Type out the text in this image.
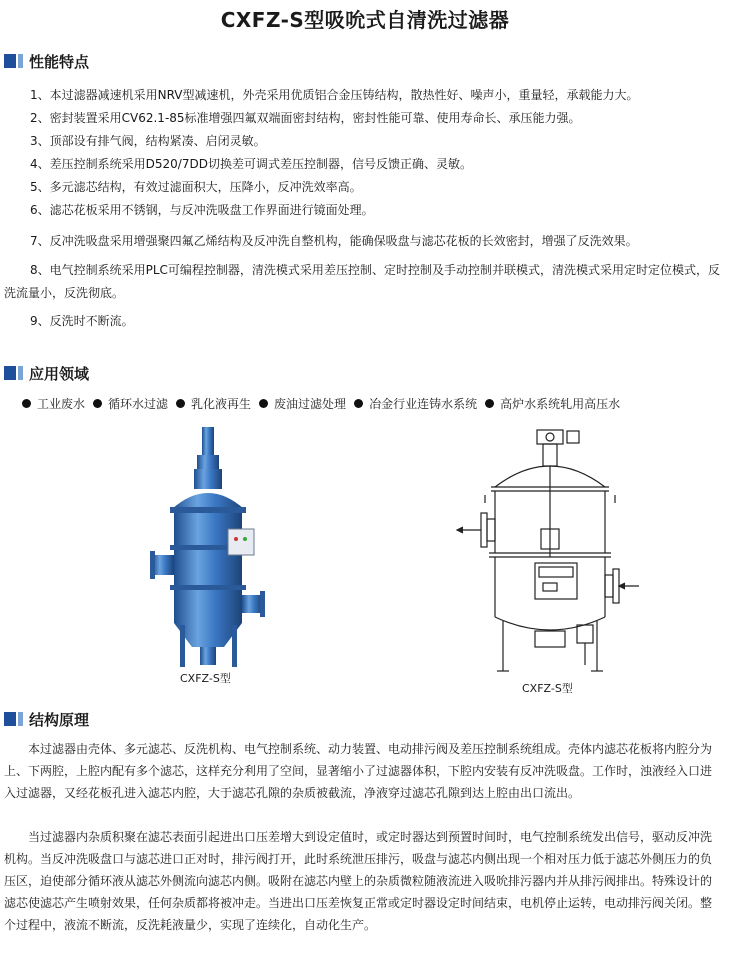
CXFZ-S型吸吮式自清洗过滤器
性能特点
1、本过滤器减速机采用NRV型减速机，外壳采用优质铝合金压铸结构，散热性好、噪声小，重量轻，承载能力大。
2、密封装置采用CV62.1-85标准增强四氟双端面密封结构，密封性能可靠、使用寿命长、承压能力强。
3、顶部设有排气阀，结构紧凑、启闭灵敏。
4、差压控制系统采用D520/7DD切换差可调式差压控制器，信号反馈正确、灵敏。
5、多元滤芯结构，有效过滤面积大，压降小，反冲洗效率高。
6、滤芯花板采用不锈钢，与反冲洗吸盘工作界面进行镜面处理。
7、反冲洗吸盘采用增强聚四氟乙烯结构及反冲洗自整机构，能确保吸盘与滤芯花板的长效密封，增强了反洗效果。
8、电气控制系统采用PLC可编程控制器，清洗模式采用差压控制、定时控制及手动控制并联模式，清洗模式采用定时定位模式，反洗流量小，反洗彻底。
9、反洗时不断流。
应用领域
工业废水 循环水过滤 乳化液再生 废油过滤处理 冶金行业连铸水系统 高炉水系统轧用高压水
CXFZ-S型
CXFZ-S型
结构原理

本过滤器由壳体、多元滤芯、反洗机构、电气控制系统、动力装置、电动排污阀及差压控制系统组成。壳体内滤芯花板将内腔分为上、下两腔，上腔内配有多个滤芯，这样充分利用了空间，显著缩小了过滤器体积，下腔内安装有反冲洗吸盘。工作时，浊液经入口进入过滤器，又经花板孔进入滤芯内腔，大于滤芯孔隙的杂质被截流，净液穿过滤芯孔隙到达上腔由出口流出。

当过滤器内杂质积聚在滤芯表面引起进出口压差增大到设定值时，或定时器达到预置时间时，电气控制系统发出信号，驱动反冲洗机构。当反冲洗吸盘口与滤芯进口正对时，排污阀打开，此时系统泄压排污，吸盘与滤芯内侧出现一个相对压力低于滤芯外侧压力的负压区，迫使部分循环液从滤芯外侧流向滤芯内侧。吸附在滤芯内壁上的杂质微粒随液流进入吸吮排污器内并从排污阀排出。特殊设计的滤芯使滤芯产生喷射效果，任何杂质都将被冲走。当进出口压差恢复正常或定时器设定时间结束，电机停止运转，电动排污阀关闭。整个过程中，液流不断流，反洗耗液量少，实现了连续化，自动化生产。
